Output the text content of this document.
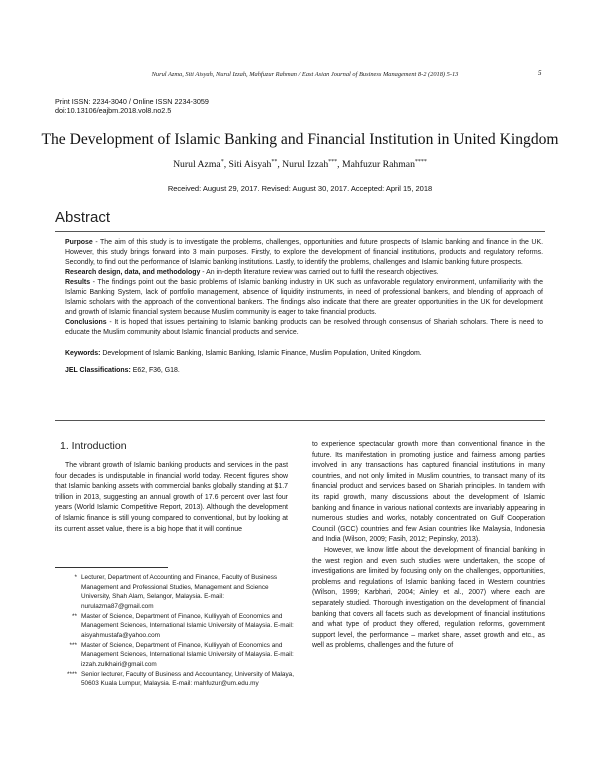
Nurul Azma, Siti Aisyah, Nurul Izzah, Mahfuzur Rahman / East Asian Journal of Business Management 8-2 (2018) 5-13	5
Print ISSN: 2234-3040 / Online ISSN 2234-3059
doi:10.13106/eajbm.2018.vol8.no2.5
The Development of Islamic Banking and Financial Institution in United Kingdom
Nurul Azma*, Siti Aisyah**, Nurul Izzah***, Mahfuzur Rahman****
Received: August 29, 2017. Revised: August 30, 2017. Accepted: April 15, 2018
Abstract

Purpose - The aim of this study is to investigate the problems, challenges, opportunities and future prospects of Islamic banking and finance in the UK. However, this study brings forward into 3 main purposes. Firstly, to explore the development of financial institutions, products and regulatory reforms. Secondly, to find out the performance of Islamic banking institutions. Lastly, to identify the problems, challenges and Islamic banking future prospects.

Research design, data, and methodology - An in-depth literature review was carried out to fulfil the research objectives.

Results - The findings point out the basic problems of Islamic banking industry in UK such as unfavorable regulatory environment, unfamiliarity with the Islamic Banking System, lack of portfolio management, absence of liquidity instruments, in need of professional bankers, and blending of approach of Islamic scholars with the approach of the conventional bankers. The findings also indicate that there are greater opportunities in the UK for development and growth of Islamic financial system because Muslim community is eager to take financial products.

Conclusions - It is hoped that issues pertaining to Islamic banking products can be resolved through consensus of Shariah scholars. There is need to educate the Muslim community about Islamic financial products and service.

Keywords: Development of Islamic Banking, Islamic Banking, Islamic Finance, Muslim Population, United Kingdom.
JEL Classifications: E62, F36, G18.
1. Introduction

The vibrant growth of Islamic banking products and services in the past four decades is undisputable in financial world today. Recent figures show that Islamic banking assets with commercial banks globally standing at $1.7 trillion in 2013, suggesting an annual growth of 17.6 percent over last four years (World Islamic Competitive Report, 2013). Although the development of Islamic finance is still young compared to conventional, but by looking at its current asset value, there is a big hope that it will continue

* Lecturer, Department of Accounting and Finance, Faculty of Business Management and Professional Studies, Management and Science University, Shah Alam, Selangor, Malaysia. E-mail: nurulazma87@gmail.com
** Master of Science, Department of Finance, Kulliyyah of Economics and Management Sciences, International Islamic University of Malaysia. E-mail: aisyahmustafa@yahoo.com
*** Master of Science, Department of Finance, Kulliyyah of Economics and Management Sciences, International Islamic University of Malaysia. E-mail: izzah.zulkhairi@gmail.com
**** Senior lecturer, Faculty of Business and Accountancy, University of Malaya, 50603 Kuala Lumpur, Malaysia. E-mail: mahfuzur@um.edu.my

to experience spectacular growth more than conventional finance in the future. Its manifestation in promoting justice and fairness among parties involved in any transactions has captured financial institutions in many countries, and not only limited in Muslim countries, to transact many of its financial product and services based on Shariah principles. In tandem with its rapid growth, many discussions about the development of Islamic banking and finance in various national contexts are invariably appearing in numerous studies and works, notably concentrated on Gulf Cooperation Council (GCC) countries and few Asian countries like Malaysia, Indonesia and India (Wilson, 2009; Fasih, 2012; Pepinsky, 2013).

However, we know little about the development of financial banking in the west region and even such studies were undertaken, the scope of investigations are limited by focusing only on the challenges, opportunities, problems and regulations of Islamic banking faced in Western countries (Wilson, 1999; Karbhari, 2004; Ainley et al., 2007) where each are separately studied. Thorough investigation on the development of financial banking that covers all facets such as development of financial institutions and what type of product they offered, regulation reforms, government support level, the performance – market share, asset growth and etc., as well as problems, challenges and the future of
